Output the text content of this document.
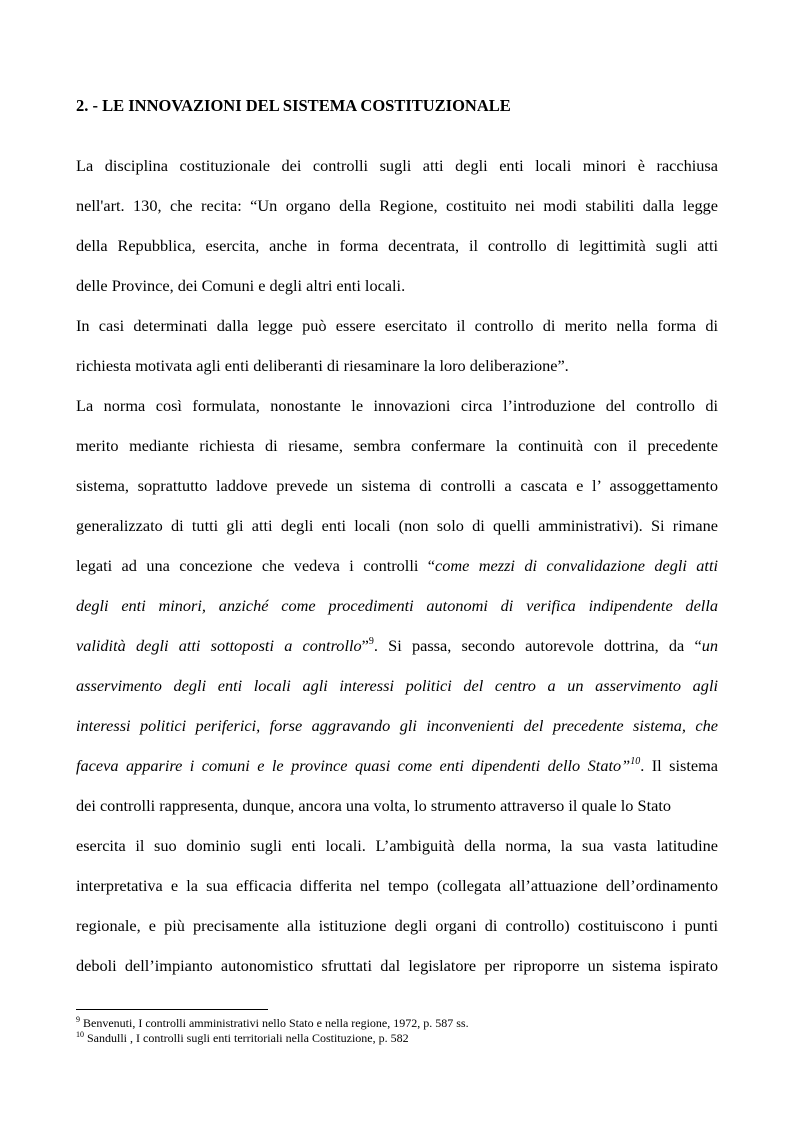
2. - LE INNOVAZIONI DEL SISTEMA COSTITUZIONALE

La disciplina costituzionale dei controlli sugli atti degli enti locali minori è racchiusa

nell'art. 130, che recita: “Un organo della Regione, costituito nei modi stabiliti dalla legge

della Repubblica, esercita, anche in forma decentrata, il controllo di legittimità sugli atti

delle Province, dei Comuni e degli altri enti locali.

In casi determinati dalla legge può essere esercitato il controllo di merito nella forma di

richiesta motivata agli enti deliberanti di riesaminare la loro deliberazione”.

La norma così formulata, nonostante le innovazioni circa l’introduzione del controllo di

merito mediante richiesta di riesame, sembra confermare la continuità con il precedente

sistema, soprattutto laddove prevede un sistema di controlli a cascata e l’ assoggettamento

generalizzato di tutti gli atti degli enti locali (non solo di quelli amministrativi). Si rimane

legati ad una concezione che vedeva i controlli “come mezzi di convalidazione degli atti

degli enti minori, anziché come procedimenti autonomi di verifica indipendente della

validità degli atti sottoposti a controllo”$^9$. Si passa, secondo autorevole dottrina, da “un

asservimento degli enti locali agli interessi politici del centro a un asservimento agli

interessi politici periferici, forse aggravando gli inconvenienti del precedente sistema, che

faceva apparire i comuni e le province quasi come enti dipendenti dello Stato”$^{10}$. Il sistema

dei controlli rappresenta, dunque, ancora una volta, lo strumento attraverso il quale lo Stato

esercita il suo dominio sugli enti locali. L’ambiguità della norma, la sua vasta latitudine

interpretativa e la sua efficacia differita nel tempo (collegata all’attuazione dell’ordinamento

regionale, e più precisamente alla istituzione degli organi di controllo) costituiscono i punti

deboli dell’impianto autonomistico sfruttati dal legislatore per riproporre un sistema ispirato

$^9$ Benvenuti, I controlli amministrativi nello Stato e nella regione, 1972, p. 587 ss.

$^{10}$ Sandulli , I controlli sugli enti territoriali nella Costituzione, p. 582
